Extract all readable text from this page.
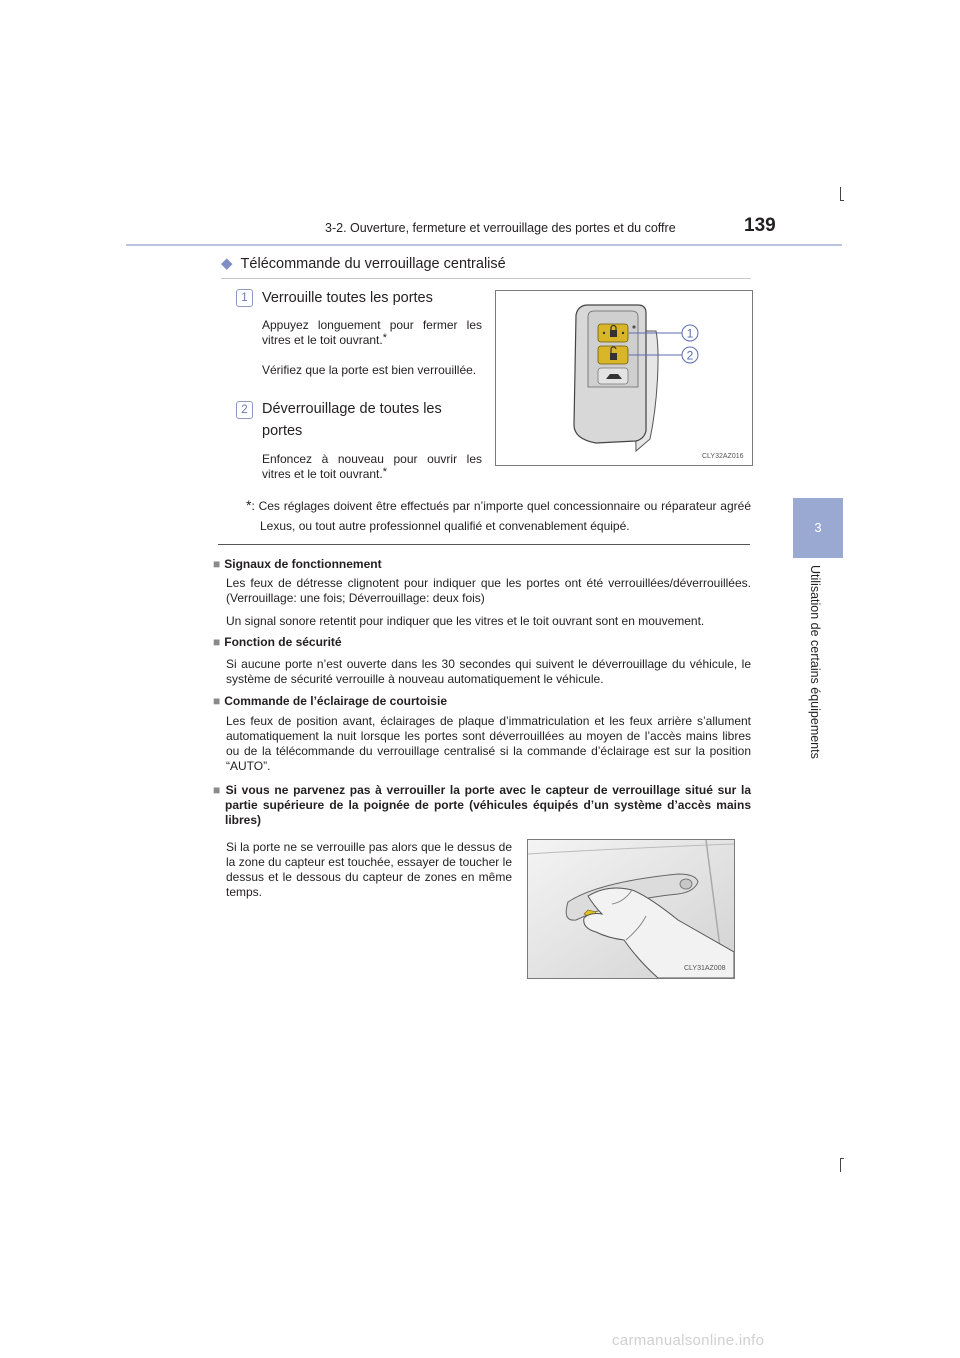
3-2. Ouverture, fermeture et verrouillage des portes et du coffre	139
3
Utilisation de certains équipements
◆ Télécommande du verrouillage centralisé
1 Verrouille toutes les portes
Appuyez longuement pour fermer les vitres et le toit ouvrant.*
Vérifiez que la porte est bien verrouillée.
2 Déverrouillage de toutes les portes
Enfoncez à nouveau pour ouvrir les vitres et le toit ouvrant.*
1
2
CLY32AZ016
*: Ces réglages doivent être effectués par n’importe quel concessionnaire ou réparateur agréé Lexus, ou tout autre professionnel qualifié et convenablement équipé.
■ Signaux de fonctionnement
Les feux de détresse clignotent pour indiquer que les portes ont été verrouillées/déverrouillées. (Verrouillage: une fois; Déverrouillage: deux fois)
Un signal sonore retentit pour indiquer que les vitres et le toit ouvrant sont en mouvement.
■ Fonction de sécurité
Si aucune porte n’est ouverte dans les 30 secondes qui suivent le déverrouillage du véhicule, le système de sécurité verrouille à nouveau automatiquement le véhicule.
■ Commande de l’éclairage de courtoisie
Les feux de position avant, éclairages de plaque d’immatriculation et les feux arrière s’allument automatiquement la nuit lorsque les portes sont déverrouillées au moyen de l’accès mains libres ou de la télécommande du verrouillage centralisé si la commande d’éclairage est sur la position “AUTO”.
■ Si vous ne parvenez pas à verrouiller la porte avec le capteur de verrouillage situé sur la partie supérieure de la poignée de porte (véhicules équipés d’un système d’accès mains libres)
Si la porte ne se verrouille pas alors que le dessus de la zone du capteur est touchée, essayer de toucher le dessus et le dessous du capteur de zones en même temps.
CLY31AZ008
carmanualsonline.info
